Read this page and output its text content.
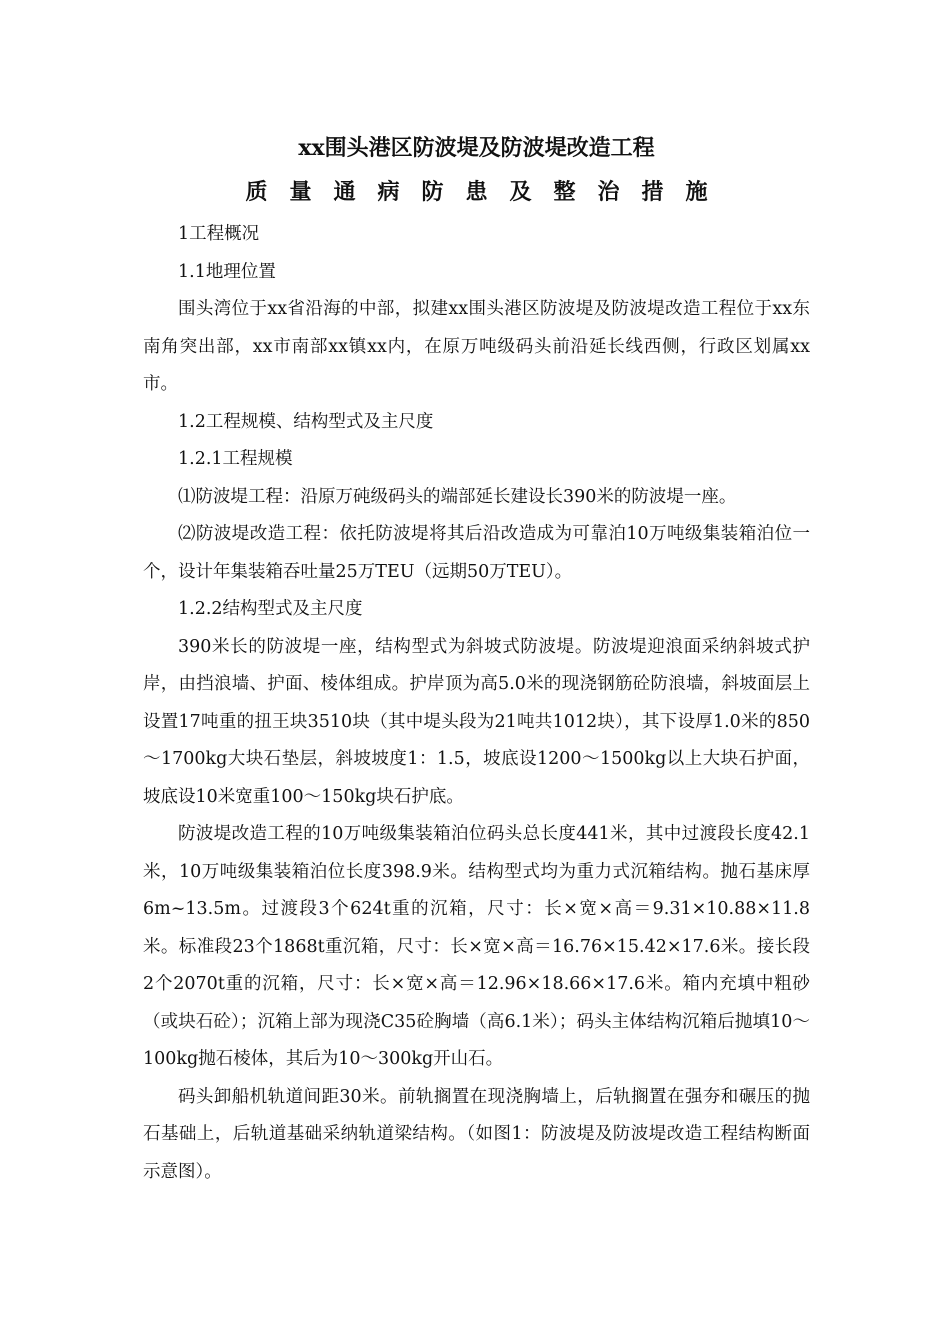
xx围头港区防波堤及防波堤改造工程
质 量 通 病 防 患 及 整 治 措 施

1工程概况

1.1地理位置

围头湾位于xx省沿海的中部，拟建xx围头港区防波堤及防波堤改造工程位于xx东南角突出部，xx市南部xx镇xx内，在原万吨级码头前沿延长线西侧，行政区划属xx市。

1.2工程规模、结构型式及主尺度

1.2.1工程规模

⑴防波堤工程：沿原万砘级码头的端部延长建设长390米的防波堤一座。

⑵防波堤改造工程：依托防波堤将其后沿改造成为可靠泊10万吨级集装箱泊位一个，设计年集装箱吞吐量25万TEU（远期50万TEU）。

1.2.2结构型式及主尺度

390米长的防波堤一座，结构型式为斜坡式防波堤。防波堤迎浪面采纳斜坡式护岸，由挡浪墙、护面、棱体组成。护岸顶为高5.0米的现浇钢筋砼防浪墙，斜坡面层上设置17吨重的扭王块3510块（其中堤头段为21吨共1012块），其下设厚1.0米的850～1700kg大块石垫层，斜坡坡度1：1.5，坡底设1200～1500kg以上大块石护面，坡底设10米宽重100～150kg块石护底。

防波堤改造工程的10万吨级集装箱泊位码头总长度441米，其中过渡段长度42.1米，10万吨级集装箱泊位长度398.9米。结构型式均为重力式沉箱结构。抛石基床厚6m~13.5m。过渡段3个624t重的沉箱，尺寸：长×宽×高＝9.31×10.88×11.8米。标准段23个1868t重沉箱，尺寸：长×宽×高＝16.76×15.42×17.6米。接长段2个2070t重的沉箱，尺寸：长×宽×高＝12.96×18.66×17.6米。箱内充填中粗砂（或块石砼）；沉箱上部为现浇C35砼胸墙（高6.1米）；码头主体结构沉箱后抛填10～100kg抛石棱体，其后为10～300kg开山石。

码头卸船机轨道间距30米。前轨搁置在现浇胸墙上，后轨搁置在强夯和碾压的抛石基础上，后轨道基础采纳轨道梁结构。（如图1：防波堤及防波堤改造工程结构断面示意图）。
